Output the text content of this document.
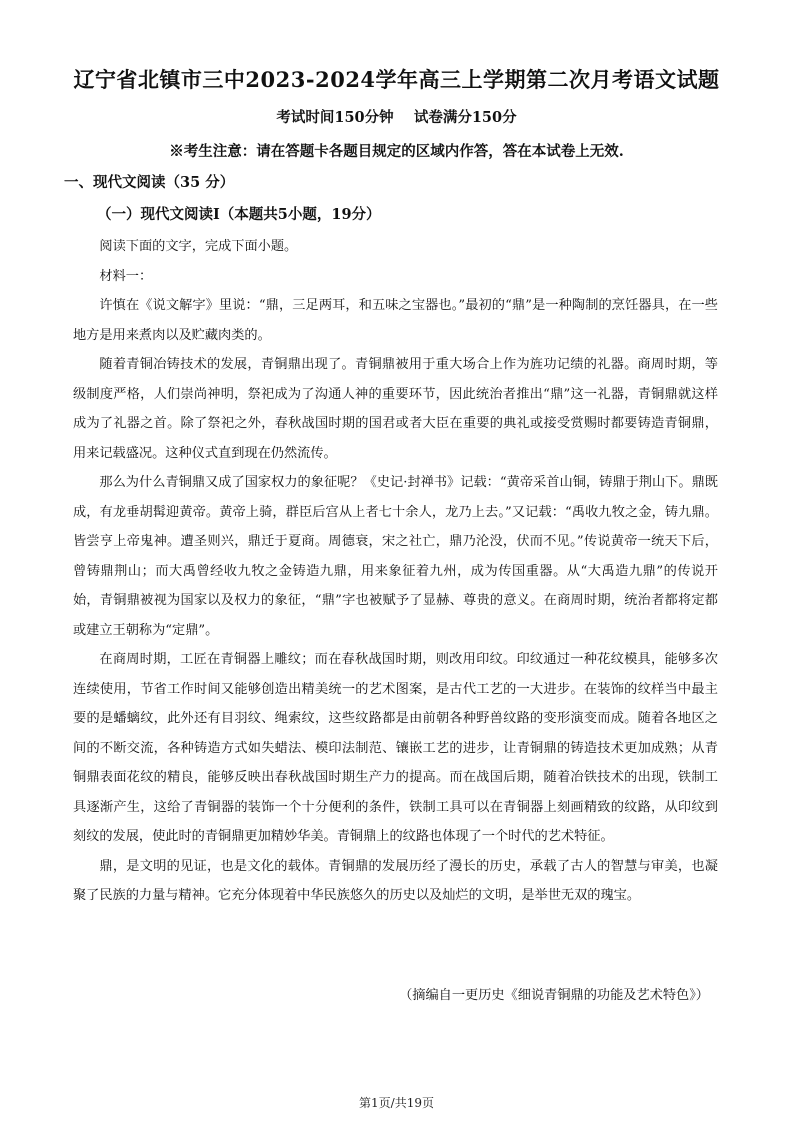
辽宁省北镇市三中2023-2024学年高三上学期第二次月考语文试题
考试时间150分钟    试卷满分150分
※考生注意：请在答题卡各题目规定的区域内作答，答在本试卷上无效.
一、现代文阅读（35 分）
（一）现代文阅读Ⅰ（本题共5小题，19分）

阅读下面的文字，完成下面小题。

材料一：

许慎在《说文解字》里说：“鼎，三足两耳，和五味之宝器也。”最初的“鼎”是一种陶制的烹饪器具，在一些地方是用来煮肉以及贮藏肉类的。

随着青铜冶铸技术的发展，青铜鼎出现了。青铜鼎被用于重大场合上作为旌功记绩的礼器。商周时期，等级制度严格，人们崇尚神明，祭祀成为了沟通人神的重要环节，因此统治者推出“鼎”这一礼器，青铜鼎就这样成为了礼器之首。除了祭祀之外，春秋战国时期的国君或者大臣在重要的典礼或接受赏赐时都要铸造青铜鼎，用来记载盛况。这种仪式直到现在仍然流传。

那么为什么青铜鼎又成了国家权力的象征呢？《史记·封禅书》记载：“黄帝采首山铜，铸鼎于荆山下。鼎既成，有龙垂胡髯迎黄帝。黄帝上骑，群臣后宫从上者七十余人，龙乃上去。”又记载：“禹收九牧之金，铸九鼎。皆尝亨上帝鬼神。遭圣则兴，鼎迁于夏商。周德衰，宋之社亡，鼎乃沦没，伏而不见。”传说黄帝一统天下后，曾铸鼎荆山；而大禹曾经收九牧之金铸造九鼎，用来象征着九州，成为传国重器。从“大禹造九鼎”的传说开始，青铜鼎被视为国家以及权力的象征，“鼎”字也被赋予了显赫、尊贵的意义。在商周时期，统治者都将定都或建立王朝称为“定鼎”。

在商周时期，工匠在青铜器上雕纹；而在春秋战国时期，则改用印纹。印纹通过一种花纹模具，能够多次连续使用，节省工作时间又能够创造出精美统一的艺术图案，是古代工艺的一大进步。在装饰的纹样当中最主要的是蟠螭纹，此外还有目羽纹、绳索纹，这些纹路都是由前朝各种野兽纹路的变形演变而成。随着各地区之间的不断交流，各种铸造方式如失蜡法、模印法制范、镶嵌工艺的进步，让青铜鼎的铸造技术更加成熟；从青铜鼎表面花纹的精良，能够反映出春秋战国时期生产力的提高。而在战国后期，随着冶铁技术的出现，铁制工具逐渐产生，这给了青铜器的装饰一个十分便利的条件，铁制工具可以在青铜器上刻画精致的纹路，从印纹到刻纹的发展，使此时的青铜鼎更加精妙华美。青铜鼎上的纹路也体现了一个时代的艺术特征。

鼎，是文明的见证，也是文化的载体。青铜鼎的发展历经了漫长的历史，承载了古人的智慧与审美，也凝聚了民族的力量与精神。它充分体现着中华民族悠久的历史以及灿烂的文明，是举世无双的瑰宝。

（摘编自一更历史《细说青铜鼎的功能及艺术特色》）
第1页/共19页
